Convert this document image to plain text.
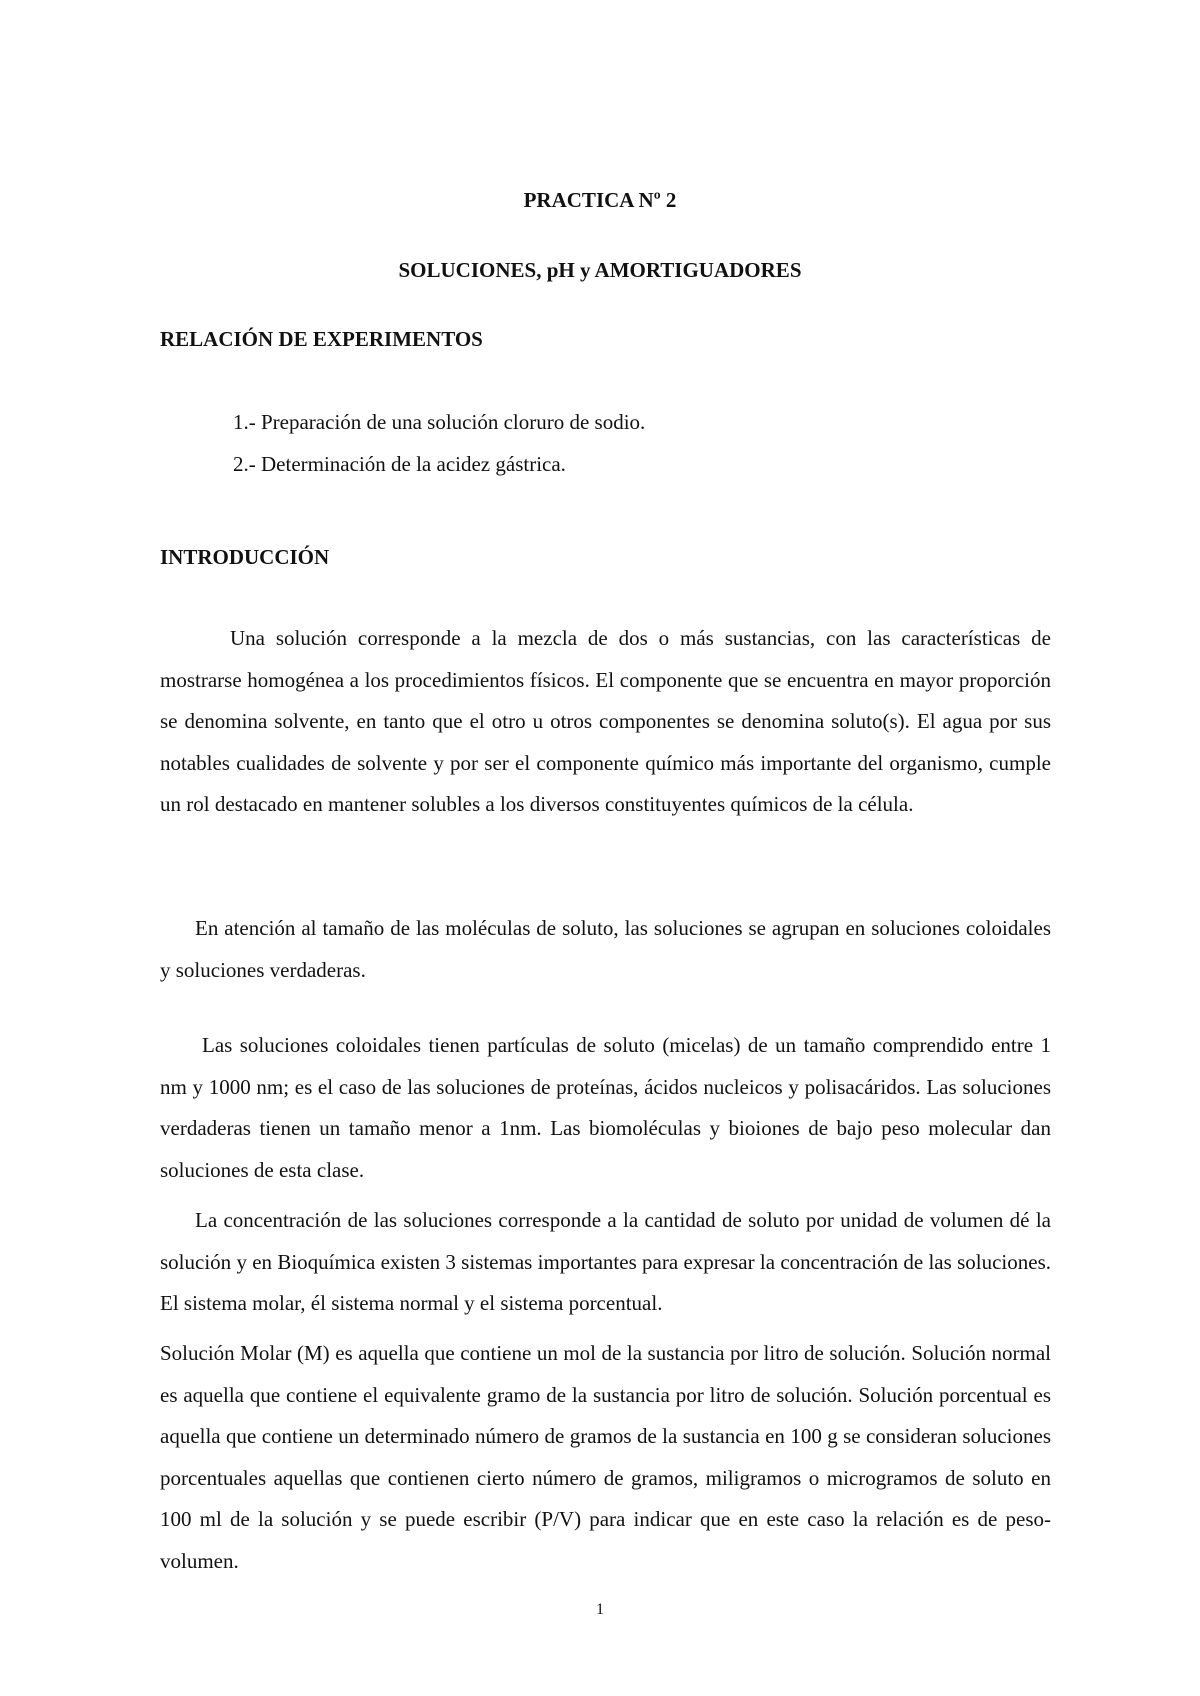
PRACTICA Nº 2
SOLUCIONES, pH y AMORTIGUADORES
RELACIÓN DE EXPERIMENTOS
1.- Preparación de una solución cloruro de sodio.
2.- Determinación de la acidez gástrica.
INTRODUCCIÓN

Una solución corresponde a la mezcla de dos o más sustancias, con las características de mostrarse homogénea a los procedimientos físicos. El componente que se encuentra en mayor proporción se denomina solvente, en tanto que el otro u otros componentes se denomina soluto(s). El agua por sus notables cualidades de solvente y por ser el componente químico más importante del organismo, cumple un rol destacado en mantener solubles a los diversos constituyentes químicos de la célula.

En atención al tamaño de las moléculas de soluto, las soluciones se agrupan en soluciones coloidales y soluciones verdaderas.

Las soluciones coloidales tienen partículas de soluto (micelas) de un tamaño comprendido entre 1 nm y 1000 nm; es el caso de las soluciones de proteínas, ácidos nucleicos y polisacáridos. Las soluciones verdaderas tienen un tamaño menor a 1nm. Las biomoléculas y bioiones de bajo peso molecular dan soluciones de esta clase.

La concentración de las soluciones corresponde a la cantidad de soluto por unidad de volumen dé la solución y en Bioquímica existen 3 sistemas importantes para expresar la concentración de las soluciones. El sistema molar, él sistema normal y el sistema porcentual.

Solución Molar (M) es aquella que contiene un mol de la sustancia por litro de solución. Solución normal es aquella que contiene el equivalente gramo de la sustancia por litro de solución. Solución porcentual es aquella que contiene un determinado número de gramos de la sustancia en 100 g se consideran soluciones porcentuales aquellas que contienen cierto número de gramos, miligramos o microgramos de soluto en 100 ml de la solución y se puede escribir (P/V) para indicar que en este caso la relación es de peso-volumen.

1
